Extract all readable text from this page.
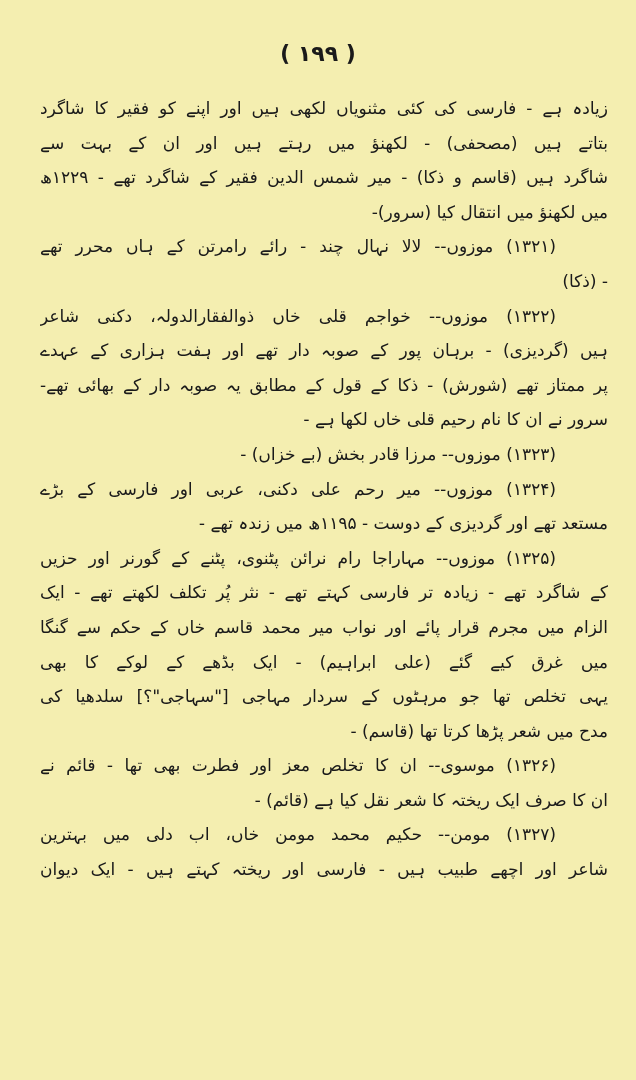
( ۱۹۹ )
زیادہ ہے - فارسی کی کئی مثنویاں لکھی ہیں اور اپنے کو فقیر کا شاگرد
بتاتے ہیں (مصحفی) - لکھنؤ میں رہتے ہیں اور ان کے بہت سے
شاگرد ہیں (قاسم و ذکا) - میر شمس الدین فقیر کے شاگرد تھے - ۱۲۲۹ھ
میں لکھنؤ میں انتقال کیا (سرور)-
(۱۳۲۱) موزوں-- لالا نہال چند - رائے رامرتن کے ہاں محرر تھے
- (ذکا)
(۱۳۲۲) موزوں-- خواجم قلی خاں ذوالفقارالدولہ، دکنی شاعر
ہیں (گردیزی) - برہان پور کے صوبہ دار تھے اور ہفت ہزاری کے عہدے
پر ممتاز تھے (شورش) - ذکا کے قول کے مطابق یہ صوبہ دار کے بھائی تھے-
سرور نے ان کا نام رحیم قلی خاں لکھا ہے -
(۱۳۲۳) موزوں-- مرزا قادر بخش (بے خزاں) -
(۱۳۲۴) موزوں-- میر رحم علی دکنی، عربی اور فارسی کے بڑے
مستعد تھے اور گردیزی کے دوست - ۱۱۹۵ھ میں زندہ تھے -
(۱۳۲۵) موزوں-- مہاراجا رام نرائن پٹنوی، پٹنے کے گورنر اور حزیں
کے شاگرد تھے - زیادہ تر فارسی کہتے تھے - نثر پُر تکلف لکھتے تھے - ایک
الزام میں مجرم قرار پائے اور نواب میر محمد قاسم خاں کے حکم سے گنگا
میں غرق کیے گئے (علی ابراہیم) - ایک بڈھے کے لوکے کا بھی
یہی تخلص تھا جو مرہٹوں کے سردار مہاجی ["سہاجی"؟] سلدھیا کی
مدح میں شعر پڑھا کرتا تھا (قاسم) -
(۱۳۲۶) موسوی-- ان کا تخلص معز اور فطرت بھی تھا - قائم نے
ان کا صرف ایک ریختہ کا شعر نقل کیا ہے (قائم) -
(۱۳۲۷) مومن-- حکیم محمد مومن خاں، اب دلی میں بہترین
شاعر اور اچھے طبیب ہیں - فارسی اور ریختہ کہتے ہیں - ایک دیوان
